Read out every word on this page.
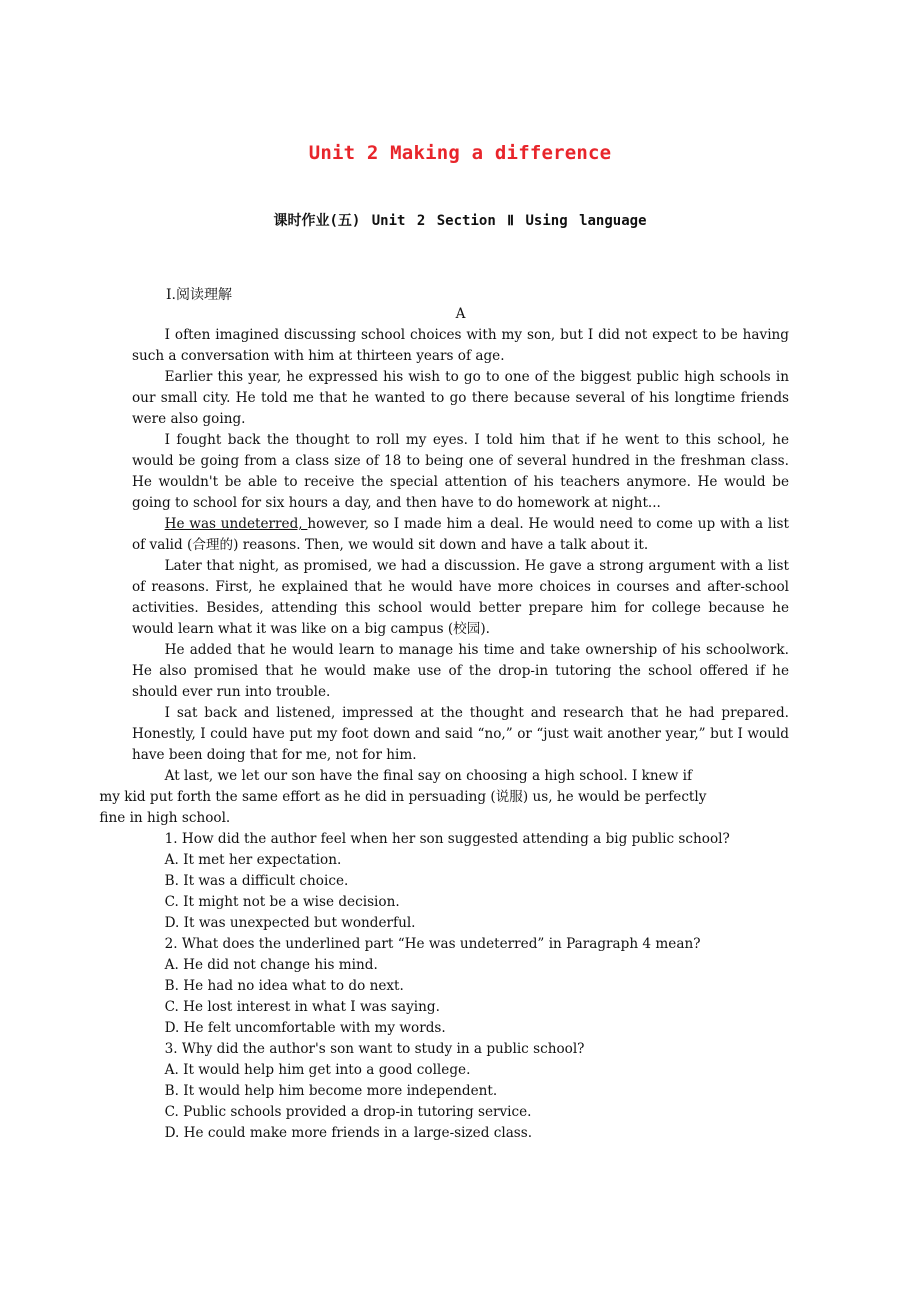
Unit 2 Making a difference
课时作业(五) Unit 2 Section Ⅱ Using language
Ⅰ.阅读理解
A

I often imagined discussing school choices with my son, but I did not expect to be having such a conversation with him at thirteen years of age.

Earlier this year, he expressed his wish to go to one of the biggest public high schools in our small city. He told me that he wanted to go there because several of his longtime friends were also going.

I fought back the thought to roll my eyes. I told him that if he went to this school, he would be going from a class size of 18 to being one of several hundred in the freshman class. He wouldn't be able to receive the special attention of his teachers anymore. He would be going to school for six hours a day, and then have to do homework at night...

He was undeterred, however, so I made him a deal. He would need to come up with a list of valid (合理的) reasons. Then, we would sit down and have a talk about it.

Later that night, as promised, we had a discussion. He gave a strong argument with a list of reasons. First, he explained that he would have more choices in courses and after-school activities. Besides, attending this school would better prepare him for college because he would learn what it was like on a big campus (校园).

He added that he would learn to manage his time and take ownership of his schoolwork. He also promised that he would make use of the drop-in tutoring the school offered if he should ever run into trouble.

I sat back and listened, impressed at the thought and research that he had prepared. Honestly, I could have put my foot down and said “no,” or “just wait another year,” but I would have been doing that for me, not for him.

At last, we let our son have the final say on choosing a high school. I knew if
my kid put forth the same effort as he did in persuading (说服) us, he would be perfectly
fine in high school.

1. How did the author feel when her son suggested attending a big public school?

A. It met her expectation.

B. It was a difficult choice.

C. It might not be a wise decision.

D. It was unexpected but wonderful.

2. What does the underlined part “He was undeterred” in Paragraph 4 mean?

A. He did not change his mind.

B. He had no idea what to do next.

C. He lost interest in what I was saying.

D. He felt uncomfortable with my words.

3. Why did the author's son want to study in a public school?

A. It would help him get into a good college.

B. It would help him become more independent.

C. Public schools provided a drop-in tutoring service.

D. He could make more friends in a large-sized class.
